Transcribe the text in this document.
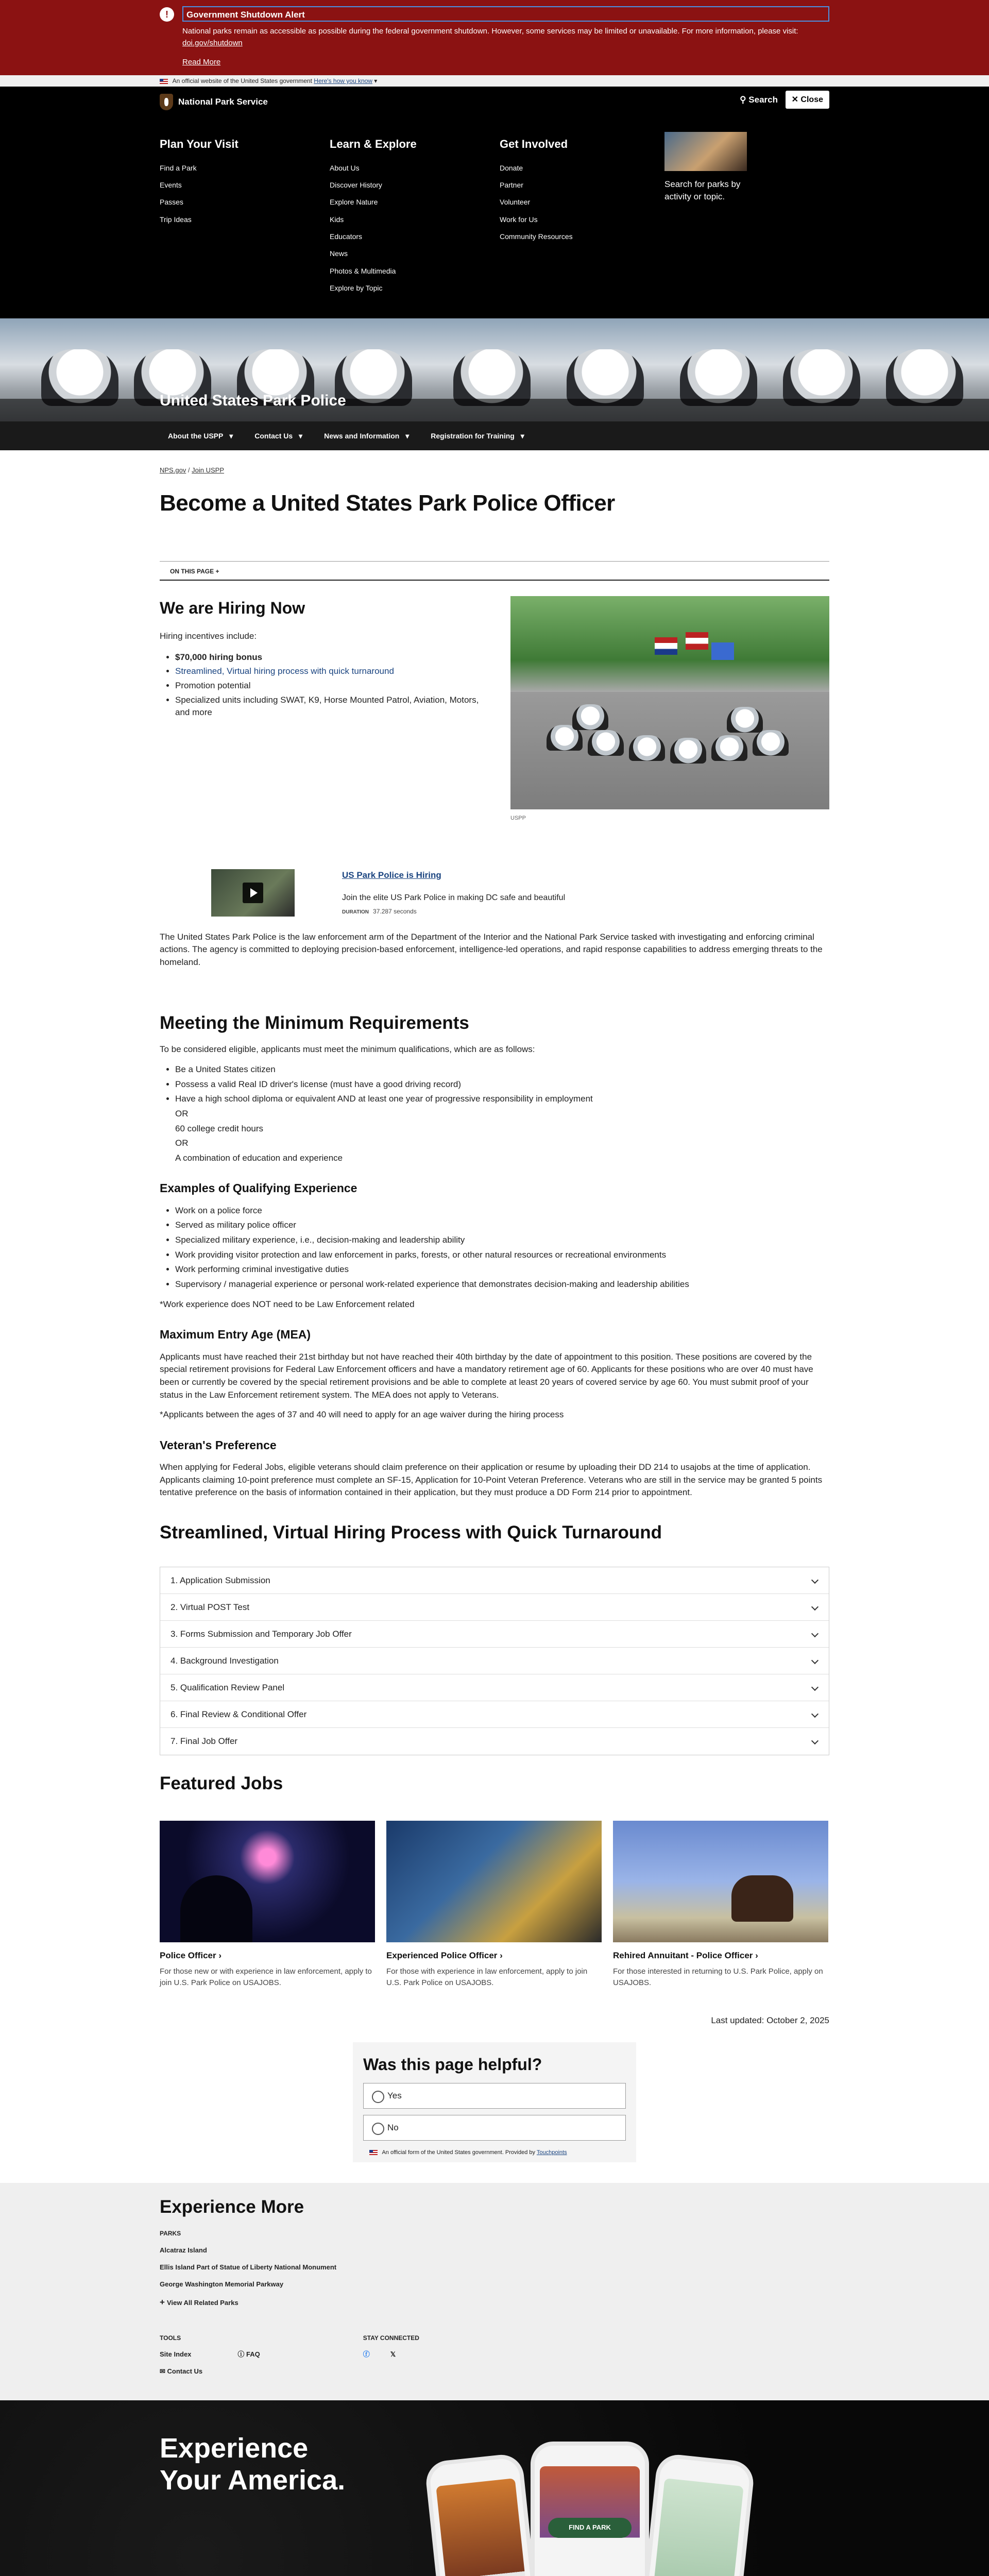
!	Government Shutdown Alert
National parks remain as accessible as possible during the federal government shutdown. However, some services may be limited or unavailable. For more information, please visit:
doi.gov/shutdown
Read More
An official website of the United States government Here's how you know ▾
National Park Service	⚲ Search	✕ Close
Plan Your Visit
Find a Park
Events
Passes
Trip Ideas
Learn & Explore
About Us
Discover History
Explore Nature
Kids
Educators
News
Photos & Multimedia
Explore by Topic
Get Involved
Donate
Partner
Volunteer
Work for Us
Community Resources
Search for parks by activity or topic.
United States Park Police
About the USPP ▾	Contact Us ▾	News and Information ▾	Registration for Training ▾
NPS.gov / Join USPP
Become a United States Park Police Officer
ON THIS PAGE +
We are Hiring Now

Hiring incentives include:

• $70,000 hiring bonus
• Streamlined, Virtual hiring process with quick turnaround
• Promotion potential
• Specialized units including SWAT, K9, Horse Mounted Patrol, Aviation, Motors, and more
USPP
US Park Police is Hiring
Join the elite US Park Police in making DC safe and beautiful
DURATION 37.287 seconds

The United States Park Police is the law enforcement arm of the Department of the Interior and the National Park Service tasked with investigating and enforcing criminal actions. The agency is committed to deploying precision-based enforcement, intelligence-led operations, and rapid response capabilities to address emerging threats to the homeland.

Meeting the Minimum Requirements

To be considered eligible, applicants must meet the minimum qualifications, which are as follows:

• Be a United States citizen
• Possess a valid Real ID driver's license (must have a good driving record)
• Have a high school diploma or equivalent AND at least one year of progressive responsibility in employment
OR
60 college credit hours
OR
A combination of education and experience
Examples of Qualifying Experience
• Work on a police force
• Served as military police officer
• Specialized military experience, i.e., decision-making and leadership ability
• Work providing visitor protection and law enforcement in parks, forests, or other natural resources or recreational environments
• Work performing criminal investigative duties
• Supervisory / managerial experience or personal work-related experience that demonstrates decision-making and leadership abilities

*Work experience does NOT need to be Law Enforcement related

Maximum Entry Age (MEA)

Applicants must have reached their 21st birthday but not have reached their 40th birthday by the date of appointment to this position. These positions are covered by the special retirement provisions for Federal Law Enforcement officers and have a mandatory retirement age of 60. Applicants for these positions who are over 40 must have been or currently be covered by the special retirement provisions and be able to complete at least 20 years of covered service by age 60. You must submit proof of your status in the Law Enforcement retirement system. The MEA does not apply to Veterans.

*Applicants between the ages of 37 and 40 will need to apply for an age waiver during the hiring process

Veteran's Preference

When applying for Federal Jobs, eligible veterans should claim preference on their application or resume by uploading their DD 214 to usajobs at the time of application. Applicants claiming 10-point preference must complete an SF-15, Application for 10-Point Veteran Preference. Veterans who are still in the service may be granted 5 points tentative preference on the basis of information contained in their application, but they must produce a DD Form 214 prior to appointment.

Streamlined, Virtual Hiring Process with Quick Turnaround
1. Application Submission
2. Virtual POST Test
3. Forms Submission and Temporary Job Offer
4. Background Investigation
5. Qualification Review Panel
6. Final Review & Conditional Offer
7. Final Job Offer
Featured Jobs
Police Officer ›

For those new or with experience in law enforcement, apply to join U.S. Park Police on USAJOBS.

Experienced Police Officer ›

For those with experience in law enforcement, apply to join U.S. Park Police on USAJOBS.

Rehired Annuitant - Police Officer ›

For those interested in returning to U.S. Park Police, apply on USAJOBS.

Last updated: October 2, 2025
Was this page helpful?
Yes
No
An official form of the United States government. Provided by Touchpoints
Experience More
PARKS
Alcatraz Island
Ellis Island Part of Statue of Liberty National Monument
George Washington Memorial Parkway
+ View All Related Parks
TOOLS
Site Index	ⓘ FAQ
✉ Contact Us
STAY CONNECTED
ⓕ	𝕏
Experience
Your America.
FIND A PARK
